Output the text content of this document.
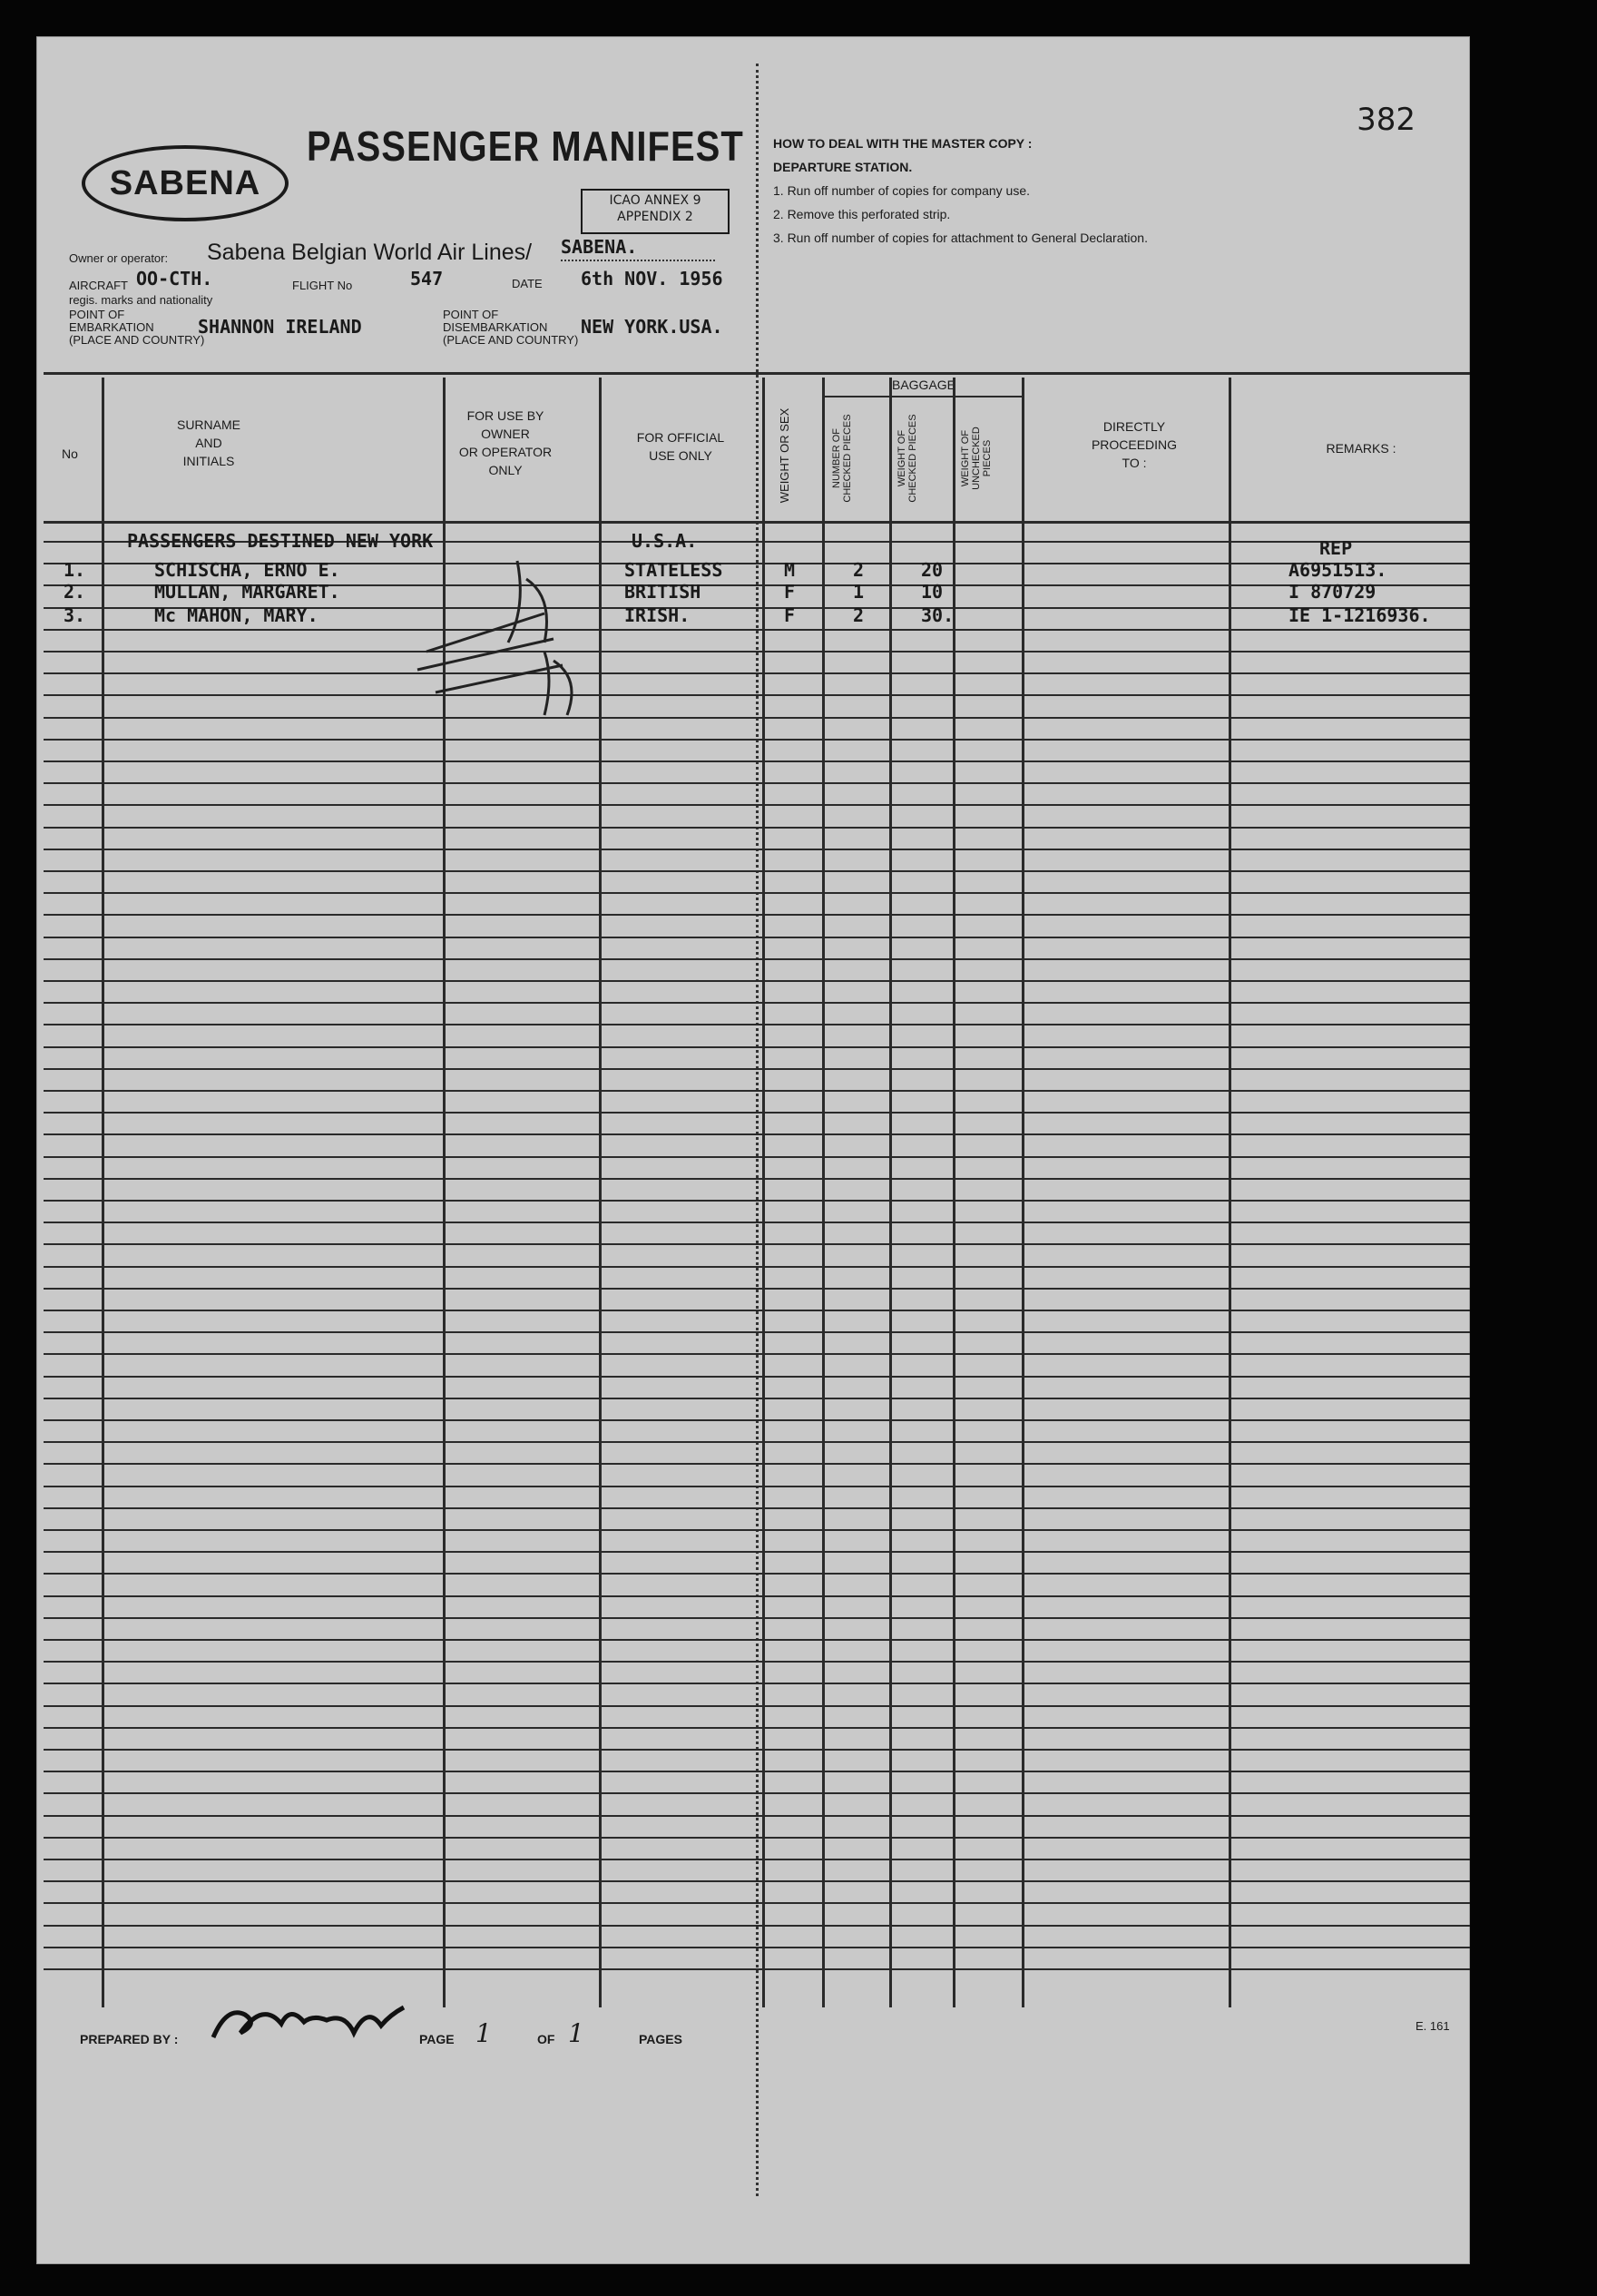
382
SABENA
PASSENGER MANIFEST
ICAO ANNEX 9
APPENDIX 2
HOW TO DEAL WITH THE MASTER COPY :
DEPARTURE STATION.
1. Run off number of copies for company use.
2. Remove this perforated strip.
3. Run off number of copies for attachment to General Declaration.
Owner or operator: Sabena Belgian World Air Lines/ SABENA.
AIRCRAFT OO-CTH.	FLIGHT No	547	DATE 6th NOV. 1956
regis. marks and nationality
POINT OF
EMBARKATION
(PLACE AND COUNTRY)
SHANNON IRELAND
POINT OF
DISEMBARKATION
(PLACE AND COUNTRY)
NEW YORK.USA.
No
SURNAME
AND
INITIALS
FOR USE BY
OWNER
OR OPERATOR
ONLY
FOR OFFICIAL
USE ONLY	WEIGHT OR SEX
BAGGAGE
NUMBER OF CHECKED PIECES	WEIGHT OF CHECKED PIECES	WEIGHT OF UNCHECKED PIECES
DIRECTLY
PROCEEDING
TO :
REMARKS :
PASSENGERS DESTINED NEW YORK	U.S.A.	REP
1.	SCHISCHA, ERNO E.	STATELESS	M	2	20	A6951513.
2.	MULLAN, MARGARET.	BRITISH	F	1	10	I 870729
3.	Mc MAHON, MARY.	IRISH.	F	2	30.	IE 1-1216936.
PREPARED BY :	PAGE 1	OF 1	PAGES
E. 161
